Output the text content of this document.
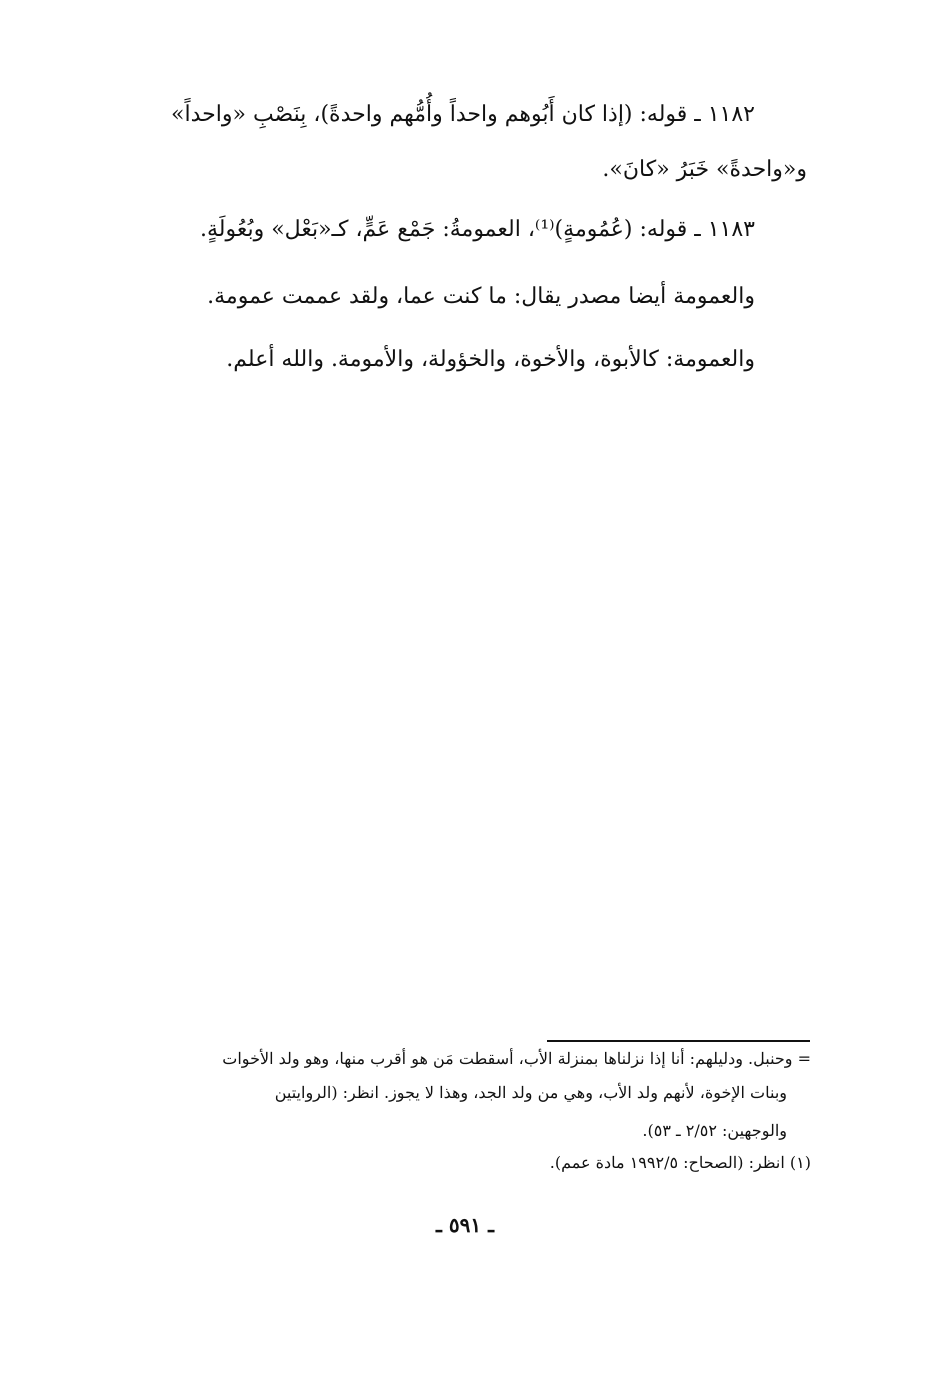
١١٨٢ ـ قوله: (إذا كان أَبُوهم واحداً وأُمُّهم واحدةً)، بِنَصْبِ «واحداً»
و«واحدةً» خَبَرُ «كانَ».
١١٨٣ ـ قوله: (عُمُومةٍ)⁽¹⁾، العمومةُ: جَمْع عَمٍّ، كـ«بَعْل» وبُعُولَةٍ.
والعمومة أيضا مصدر يقال: ما كنت عما، ولقد عممت عمومة.
والعمومة: كالأبوة، والأخوة، والخؤولة، والأمومة. والله أعلم.
= وحنبل. ودليلهم: أنا إذا نزلناها بمنزلة الأب، أسقطت مَن هو أقرب منها، وهو ولد الأخوات
وبنات الإخوة، لأنهم ولد الأب، وهي من ولد الجد، وهذا لا يجوز. انظر: (الروايتين
والوجهين: ٢/٥٢ ـ ٥٣).
(١) انظر: (الصحاح: ١٩٩٢/٥ مادة عمم).
ـ ٥٩١ ـ
